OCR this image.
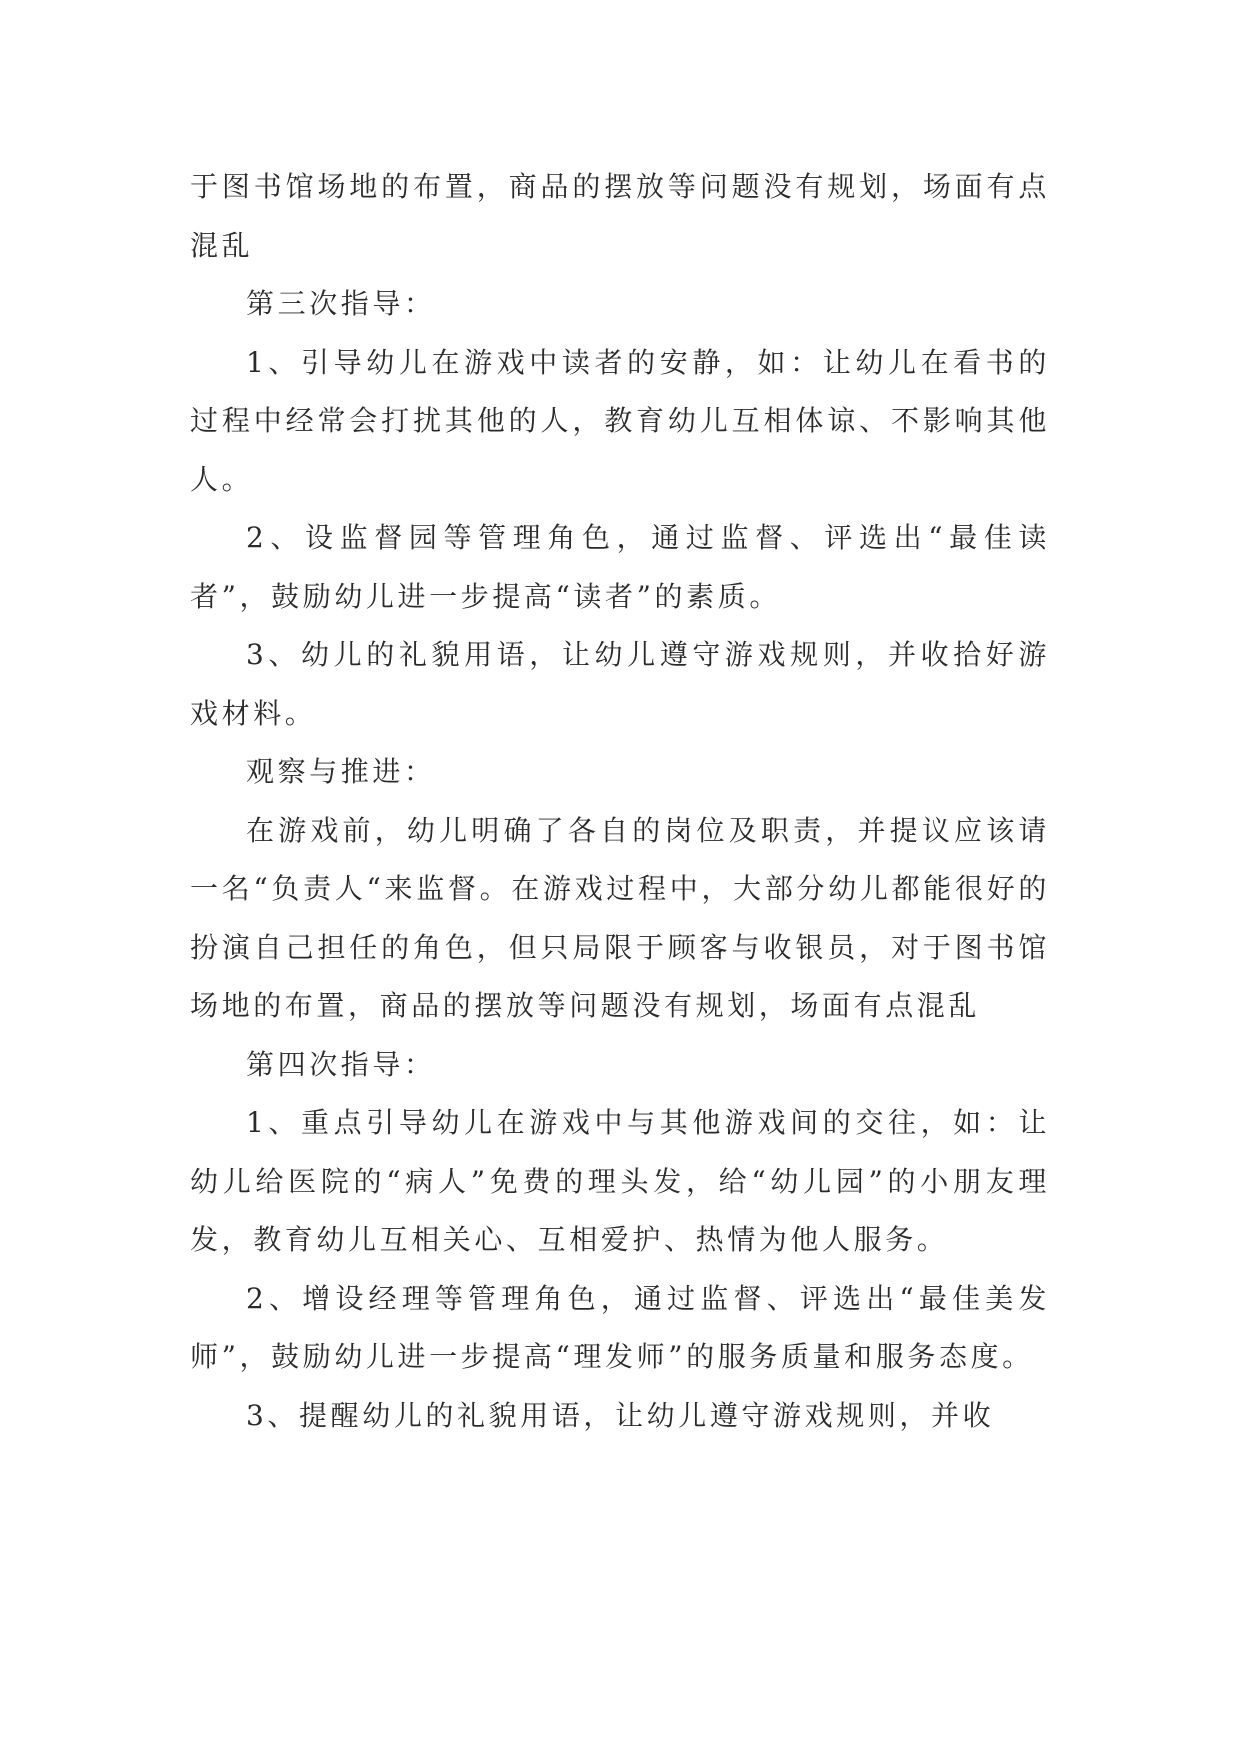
于图书馆场地的布置，商品的摆放等问题没有规划，场面有点混乱

第三次指导：

1、引导幼儿在游戏中读者的安静，如：让幼儿在看书的过程中经常会打扰其他的人，教育幼儿互相体谅、不影响其他人。

2、设监督园等管理角色，通过监督、评选出“最佳读者”，鼓励幼儿进一步提高“读者”的素质。

3、幼儿的礼貌用语，让幼儿遵守游戏规则，并收拾好游戏材料。

观察与推进：

在游戏前，幼儿明确了各自的岗位及职责，并提议应该请一名“负责人“来监督。在游戏过程中，大部分幼儿都能很好的扮演自己担任的角色，但只局限于顾客与收银员，对于图书馆场地的布置，商品的摆放等问题没有规划，场面有点混乱

第四次指导：

1、重点引导幼儿在游戏中与其他游戏间的交往，如：让幼儿给医院的“病人”免费的理头发，给“幼儿园”的小朋友理发，教育幼儿互相关心、互相爱护、热情为他人服务。

2、增设经理等管理角色，通过监督、评选出“最佳美发师”，鼓励幼儿进一步提高“理发师”的服务质量和服务态度。

3、提醒幼儿的礼貌用语，让幼儿遵守游戏规则，并收
